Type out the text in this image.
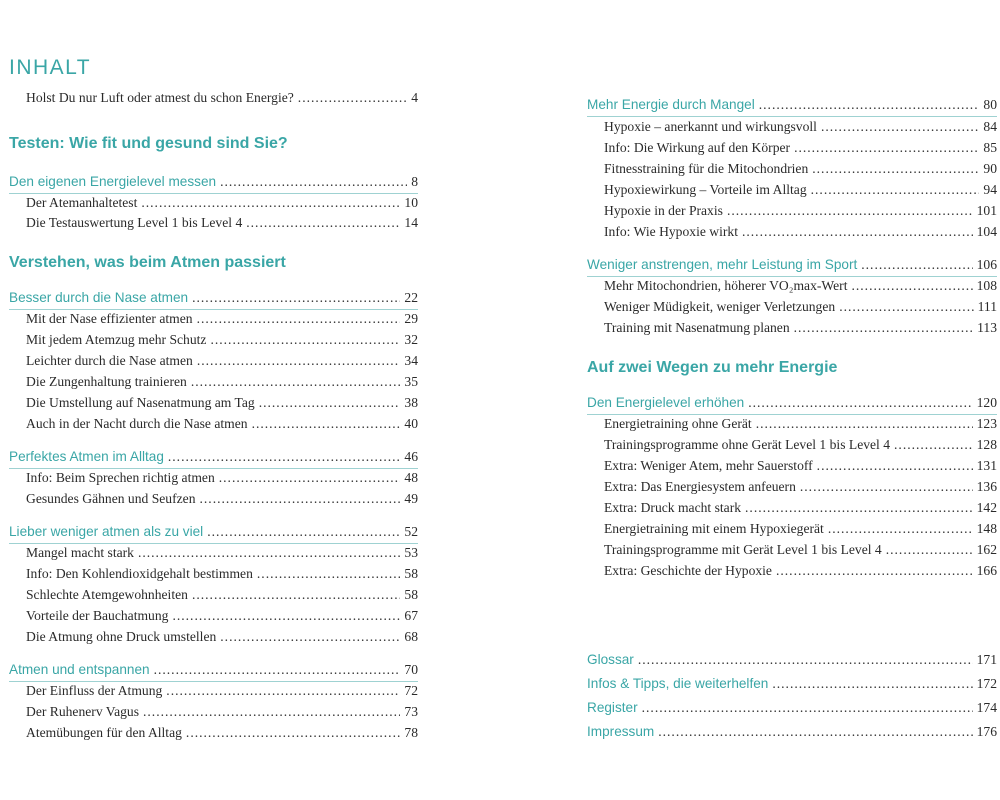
INHALT
Holst Du nur Luft oder atmest du schon Energie? . . .	4
Testen: Wie fit und gesund sind Sie?
Den eigenen Energielevel messen . . .	8
Der Atemanhaltetest . . .	10
Die Testauswertung Level 1 bis Level 4 . . .	14
Verstehen, was beim Atmen passiert
Besser durch die Nase atmen . . .	22
Mit der Nase effizienter atmen . . .	29
Mit jedem Atemzug mehr Schutz . . .	32
Leichter durch die Nase atmen . . .	34
Die Zungenhaltung trainieren . . .	35
Die Umstellung auf Nasenatmung am Tag . . .	38
Auch in der Nacht durch die Nase atmen . . .	40
Perfektes Atmen im Alltag . . .	46
Info: Beim Sprechen richtig atmen . . .	48
Gesundes Gähnen und Seufzen . . .	49
Lieber weniger atmen als zu viel . . .	52
Mangel macht stark . . .	53
Info: Den Kohlendioxidgehalt bestimmen . . .	58
Schlechte Atemgewohnheiten . . .	58
Vorteile der Bauchatmung . . .	67
Die Atmung ohne Druck umstellen . . .	68
Atmen und entspannen . . .	70
Der Einfluss der Atmung . . .	72
Der Ruhenerv Vagus . . .	73
Atemübungen für den Alltag . . .	78
Mehr Energie durch Mangel . . .	80
Hypoxie – anerkannt und wirkungsvoll . . .	84
Info: Die Wirkung auf den Körper . . .	85
Fitnesstraining für die Mitochondrien . . .	90
Hypoxiewirkung – Vorteile im Alltag . . .	94
Hypoxie in der Praxis . . .	101
Info: Wie Hypoxie wirkt . . .	104
Weniger anstrengen, mehr Leistung im Sport . . .	106
Mehr Mitochondrien, höherer VO₂max-Wert . . .	108
Weniger Müdigkeit, weniger Verletzungen . . .	111
Training mit Nasenatmung planen . . .	113
Auf zwei Wegen zu mehr Energie
Den Energielevel erhöhen . . .	120
Energietraining ohne Gerät . . .	123
Trainingsprogramme ohne Gerät Level 1 bis Level 4 . . .	128
Extra: Weniger Atem, mehr Sauerstoff . . .	131
Extra: Das Energiesystem anfeuern . . .	136
Extra: Druck macht stark . . .	142
Energietraining mit einem Hypoxiegerät . . .	148
Trainingsprogramme mit Gerät Level 1 bis Level 4 . . .	162
Extra: Geschichte der Hypoxie . . .	166
Glossar . . .	171
Infos & Tipps, die weiterhelfen . . .	172
Register . . .	174
Impressum . . .	176
